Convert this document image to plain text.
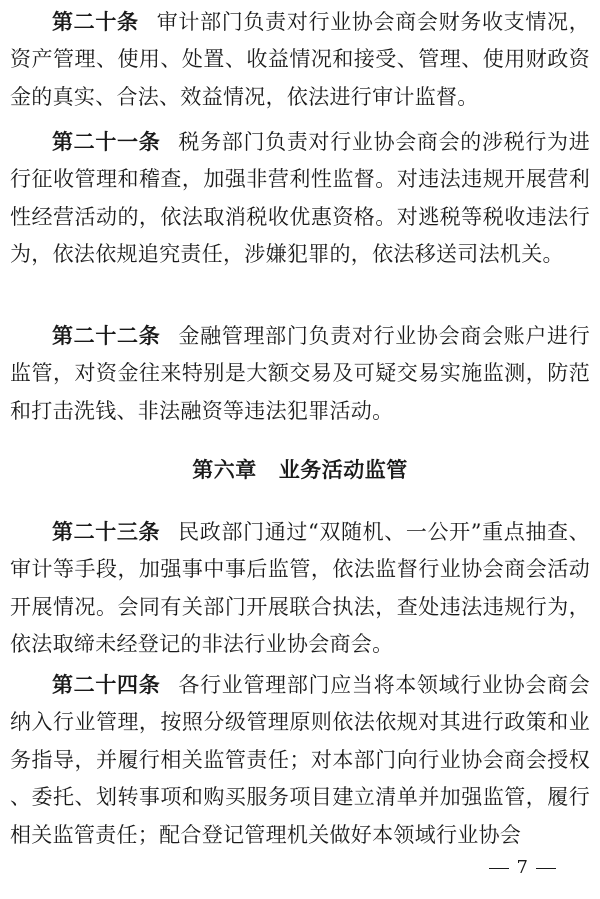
第二十条 审计部门负责对行业协会商会财务收支情况，资产管理、使用、处置、收益情况和接受、管理、使用财政资金的真实、合法、效益情况，依法进行审计监督。

第二十一条 税务部门负责对行业协会商会的涉税行为进行征收管理和稽查，加强非营利性监督。对违法违规开展营利性经营活动的，依法取消税收优惠资格。对逃税等税收违法行为，依法依规追究责任，涉嫌犯罪的，依法移送司法机关。

第二十二条 金融管理部门负责对行业协会商会账户进行监管，对资金往来特别是大额交易及可疑交易实施监测，防范和打击洗钱、非法融资等违法犯罪活动。

第六章 业务活动监管

第二十三条 民政部门通过“双随机、一公开”重点抽查、审计等手段，加强事中事后监管，依法监督行业协会商会活动开展情况。会同有关部门开展联合执法，查处违法违规行为，依法取缔未经登记的非法行业协会商会。

第二十四条 各行业管理部门应当将本领域行业协会商会纳入行业管理，按照分级管理原则依法依规对其进行政策和业务指导，并履行相关监管责任；对本部门向行业协会商会授权、委托、划转事项和购买服务项目建立清单并加强监管，履行相关监管责任；配合登记管理机关做好本领域行业协会

7
